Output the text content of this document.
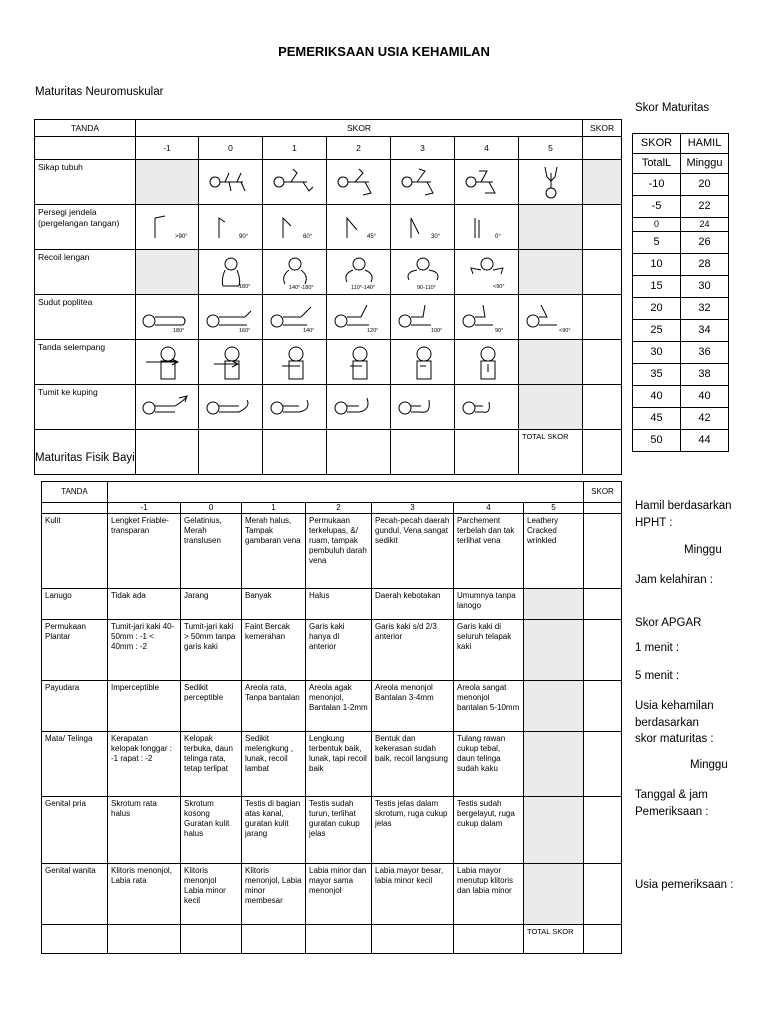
PEMERIKSAAN USIA KEHAMILAN
Maturitas Neuromuskular
TANDA	SKOR							SKOR	
	-1	0	1	2	3	4	5		
Sikap tubuh		

Persegi jendela (pergelangan tangan)	>90°	90°	60°	45°	30°	0°			

Recoil lengan		180°	140°-180°	110°-140°	90-110°	<90°			

Sudut poplitea	180°	160°	140°	120°	100°	90°	<90°		

Tanda selempang	

Tumit ke kuping	

							TOTAL SKOR		
Skor Maturitas
SKOR	HAMIL
TotalL	Minggu
-10	20
-5	22
0	24
5	26
10	28
15	30
20	32
25	34
30	36
35	38
40	40
45	42
50	44
Maturitas Fisik Bayi
TANDA								SKOR
	-1	0	1	2	3	4	5	
Kulit	Lengket Friable-transparan	Gelatinius, Merah translusen	Merah halus, Tampak gambaran vena	Permukaan terkelupas, &/ ruam, tampak pembuluh darah vena	Pecah-pecah daerah gundul, Vena sangat sedikit	Parchement terbelah dan tak terlihat vena	Leathery Cracked wrinkled	
Lanugo	Tidak ada	Jarang	Banyak	Halus	Daerah kebotakan	Umumnya tanpa lanogo		
Permukaan Plantar	Tumit-jari kaki 40-50mm : -1 < 40mm : -2	Tumit-jari kaki > 50mm tanpa garis kaki	Faint Bercak kemerahan	Garis kaki hanya di anterior	Garis kaki s/d 2/3 anterior	Garis kaki di seluruh telapak kaki		
Payudara	Imperceptible	Sedikit perceptible	Areola rata, Tanpa bantalan	Areola agak menonjol, Bantalan 1-2mm	Areola menonjol Bantalan 3-4mm	Areola sangat menonjol bantalan 5-10mm		
Mata/ Telinga	Kerapatan kelopak longgar : -1 rapat : -2	Kelopak terbuka, daun telinga rata, tetap terlipat	Sedikit melengkung , lunak, recoil lambat	Lengkung terbentuk baik, lunak, tapi recoil baik	Bentuk dan kekerasan sudah baik, recoil langsung	Tulang rawan cukup tebal, daun telinga sudah kaku		
Genital pria	Skrotum rata halus	Skrotum kosong Guratan kulit halus	Testis di bagian atas kanal, guratan kulit jarang	Testis sudah turun, terlihat guratan cukup jelas	Testis jelas dalam skrotum, ruga cukup jelas	Testis sudah bergelayut, ruga cukup dalam		
Genital wanita	Klitoris menonjol, Labia rata	Klitoris menonjol Labia minor kecil	Klitoris menonjol, Labia minor membesar	Labia minor dan mayor sama menonjol	Labia mayor besar, labia minor kecil	Labia mayor menutup klitoris dan labia minor		
							TOTAL SKOR	
Hamil berdasarkan
HPHT :
Minggu
Jam kelahiran :
Skor APGAR
1 menit :
5 menit :
Usia kehamilan
berdasarkan
skor maturitas :
Minggu
Tanggal & jam
Pemeriksaan :
Usia pemeriksaan :
